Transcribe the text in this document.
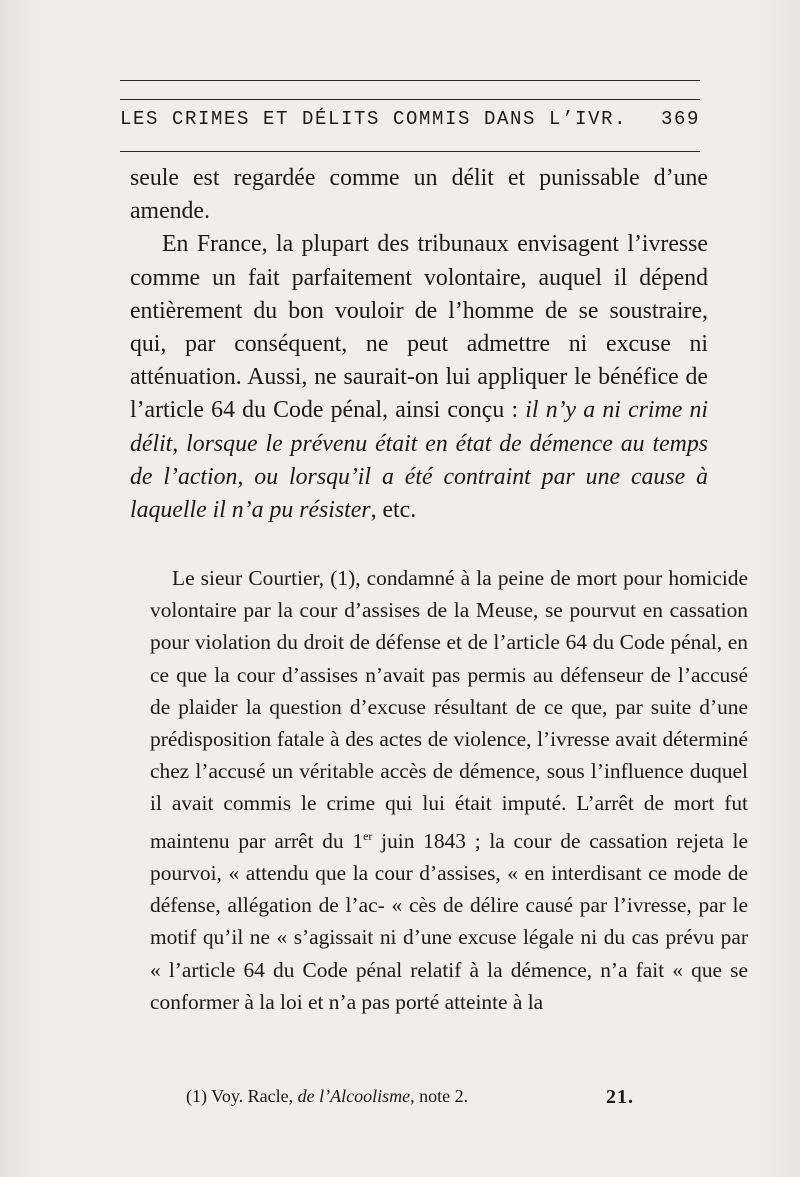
LES CRIMES ET DÉLITS COMMIS DANS L’IVR. 369

seule est regardée comme un délit et punissable d’une amende.

En France, la plupart des tribunaux envisagent l’ivresse comme un fait parfaitement volontaire, auquel il dépend entièrement du bon vouloir de l’homme de se soustraire, qui, par conséquent, ne peut admettre ni excuse ni atténuation. Aussi, ne saurait-on lui appliquer le bénéfice de l’article 64 du Code pénal, ainsi conçu : il n’y a ni crime ni délit, lorsque le prévenu était en état de démence au temps de l’action, ou lorsqu’il a été contraint par une cause à laquelle il n’a pu résister, etc.

Le sieur Courtier, (1), condamné à la peine de mort pour homicide volontaire par la cour d’assises de la Meuse, se pourvut en cassation pour violation du droit de défense et de l’article 64 du Code pénal, en ce que la cour d’assises n’avait pas permis au défenseur de l’accusé de plaider la question d’excuse résultant de ce que, par suite d’une prédisposition fatale à des actes de violence, l’ivresse avait déterminé chez l’accusé un véritable accès de démence, sous l’influence duquel il avait commis le crime qui lui était imputé. L’arrêt de mort fut maintenu par arrêt du 1er juin 1843 ; la cour de cassation rejeta le pourvoi, « attendu que la cour d’assises, « en interdisant ce mode de défense, allégation de l’ac- « cès de délire causé par l’ivresse, par le motif qu’il ne « s’agissait ni d’une excuse légale ni du cas prévu par « l’article 64 du Code pénal relatif à la démence, n’a fait « que se conformer à la loi et n’a pas porté atteinte à la

(1) Voy. Racle, de l’Alcoolisme, note 2.	21.
